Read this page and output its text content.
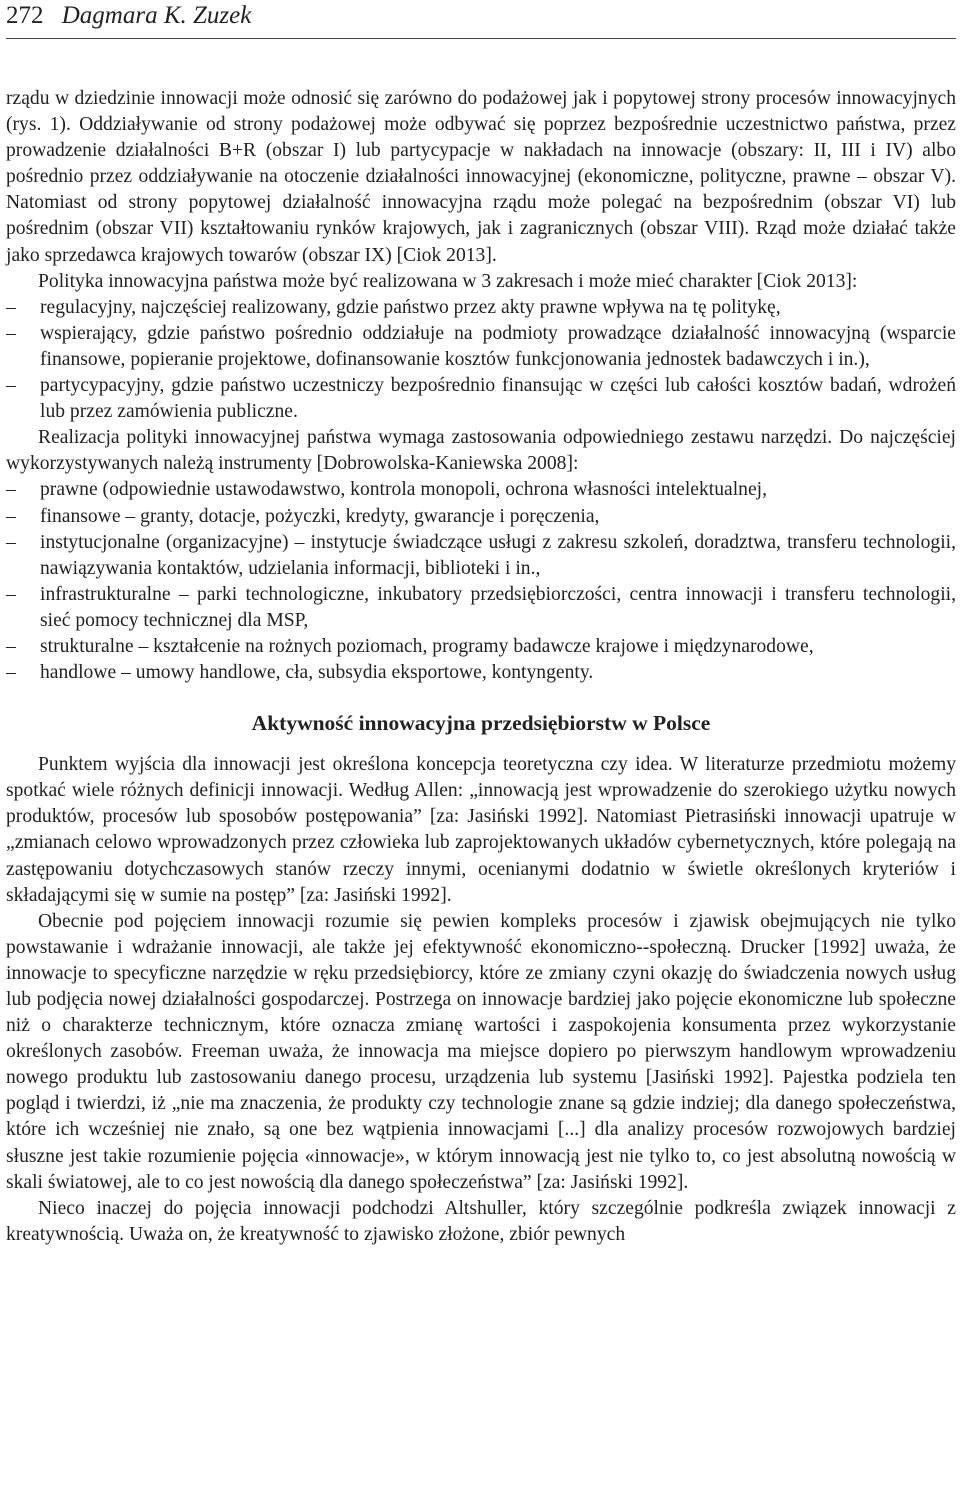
272 Dagmara K. Zuzek

rządu w dziedzinie innowacji może odnosić się zarówno do podażowej jak i popytowej strony procesów innowacyjnych (rys. 1). Oddziaływanie od strony podażowej może odbywać się poprzez bezpośrednie uczestnictwo państwa, przez prowadzenie działalności B+R (obszar I) lub partycypacje w nakładach na innowacje (obszary: II, III i IV) albo pośrednio przez oddziaływanie na otoczenie działalności innowacyjnej (ekonomiczne, polityczne, prawne – obszar V). Natomiast od strony popytowej działalność innowacyjna rządu może polegać na bezpośrednim (obszar VI) lub pośrednim (obszar VII) kształtowaniu rynków krajowych, jak i zagranicznych (obszar VIII). Rząd może działać także jako sprzedawca krajowych towarów (obszar IX) [Ciok 2013].

Polityka innowacyjna państwa może być realizowana w 3 zakresach i może mieć charakter [Ciok 2013]:

– regulacyjny, najczęściej realizowany, gdzie państwo przez akty prawne wpływa na tę politykę,
– wspierający, gdzie państwo pośrednio oddziałuje na podmioty prowadzące działalność innowacyjną (wsparcie finansowe, popieranie projektowe, dofinansowanie kosztów funkcjonowania jednostek badawczych i in.),
– partycypacyjny, gdzie państwo uczestniczy bezpośrednio finansując w części lub całości kosztów badań, wdrożeń lub przez zamówienia publiczne.

Realizacja polityki innowacyjnej państwa wymaga zastosowania odpowiedniego zestawu narzędzi. Do najczęściej wykorzystywanych należą instrumenty [Dobrowolska-Kaniewska 2008]:

– prawne (odpowiednie ustawodawstwo, kontrola monopoli, ochrona własności intelektualnej,
– finansowe – granty, dotacje, pożyczki, kredyty, gwarancje i poręczenia,
– instytucjonalne (organizacyjne) – instytucje świadczące usługi z zakresu szkoleń, doradztwa, transferu technologii, nawiązywania kontaktów, udzielania informacji, biblioteki i in.,
– infrastrukturalne – parki technologiczne, inkubatory przedsiębiorczości, centra innowacji i transferu technologii, sieć pomocy technicznej dla MSP,
– strukturalne – kształcenie na rożnych poziomach, programy badawcze krajowe i międzynarodowe,
– handlowe – umowy handlowe, cła, subsydia eksportowe, kontyngenty.
Aktywność innowacyjna przedsiębiorstw w Polsce

Punktem wyjścia dla innowacji jest określona koncepcja teoretyczna czy idea. W literaturze przedmiotu możemy spotkać wiele różnych definicji innowacji. Według Allen: „innowacją jest wprowadzenie do szerokiego użytku nowych produktów, procesów lub sposobów postępowania” [za: Jasiński 1992]. Natomiast Pietrasiński innowacji upatruje w „zmianach celowo wprowadzonych przez człowieka lub zaprojektowanych układów cybernetycznych, które polegają na zastępowaniu dotychczasowych stanów rzeczy innymi, ocenianymi dodatnio w świetle określonych kryteriów i składającymi się w sumie na postęp” [za: Jasiński 1992].

Obecnie pod pojęciem innowacji rozumie się pewien kompleks procesów i zjawisk obejmujących nie tylko powstawanie i wdrażanie innowacji, ale także jej efektywność ekonomiczno--społeczną. Drucker [1992] uważa, że innowacje to specyficzne narzędzie w ręku przedsiębiorcy, które ze zmiany czyni okazję do świadczenia nowych usług lub podjęcia nowej działalności gospodarczej. Postrzega on innowacje bardziej jako pojęcie ekonomiczne lub społeczne niż o charakterze technicznym, które oznacza zmianę wartości i zaspokojenia konsumenta przez wykorzystanie określonych zasobów. Freeman uważa, że innowacja ma miejsce dopiero po pierwszym handlowym wprowadzeniu nowego produktu lub zastosowaniu danego procesu, urządzenia lub systemu [Jasiński 1992]. Pajestka podziela ten pogląd i twierdzi, iż „nie ma znaczenia, że produkty czy technologie znane są gdzie indziej; dla danego społeczeństwa, które ich wcześniej nie znało, są one bez wątpienia innowacjami [...] dla analizy procesów rozwojowych bardziej słuszne jest takie rozumienie pojęcia «innowacje», w którym innowacją jest nie tylko to, co jest absolutną nowością w skali światowej, ale to co jest nowością dla danego społeczeństwa” [za: Jasiński 1992].

Nieco inaczej do pojęcia innowacji podchodzi Altshuller, który szczególnie podkreśla związek innowacji z kreatywnością. Uważa on, że kreatywność to zjawisko złożone, zbiór pewnych
